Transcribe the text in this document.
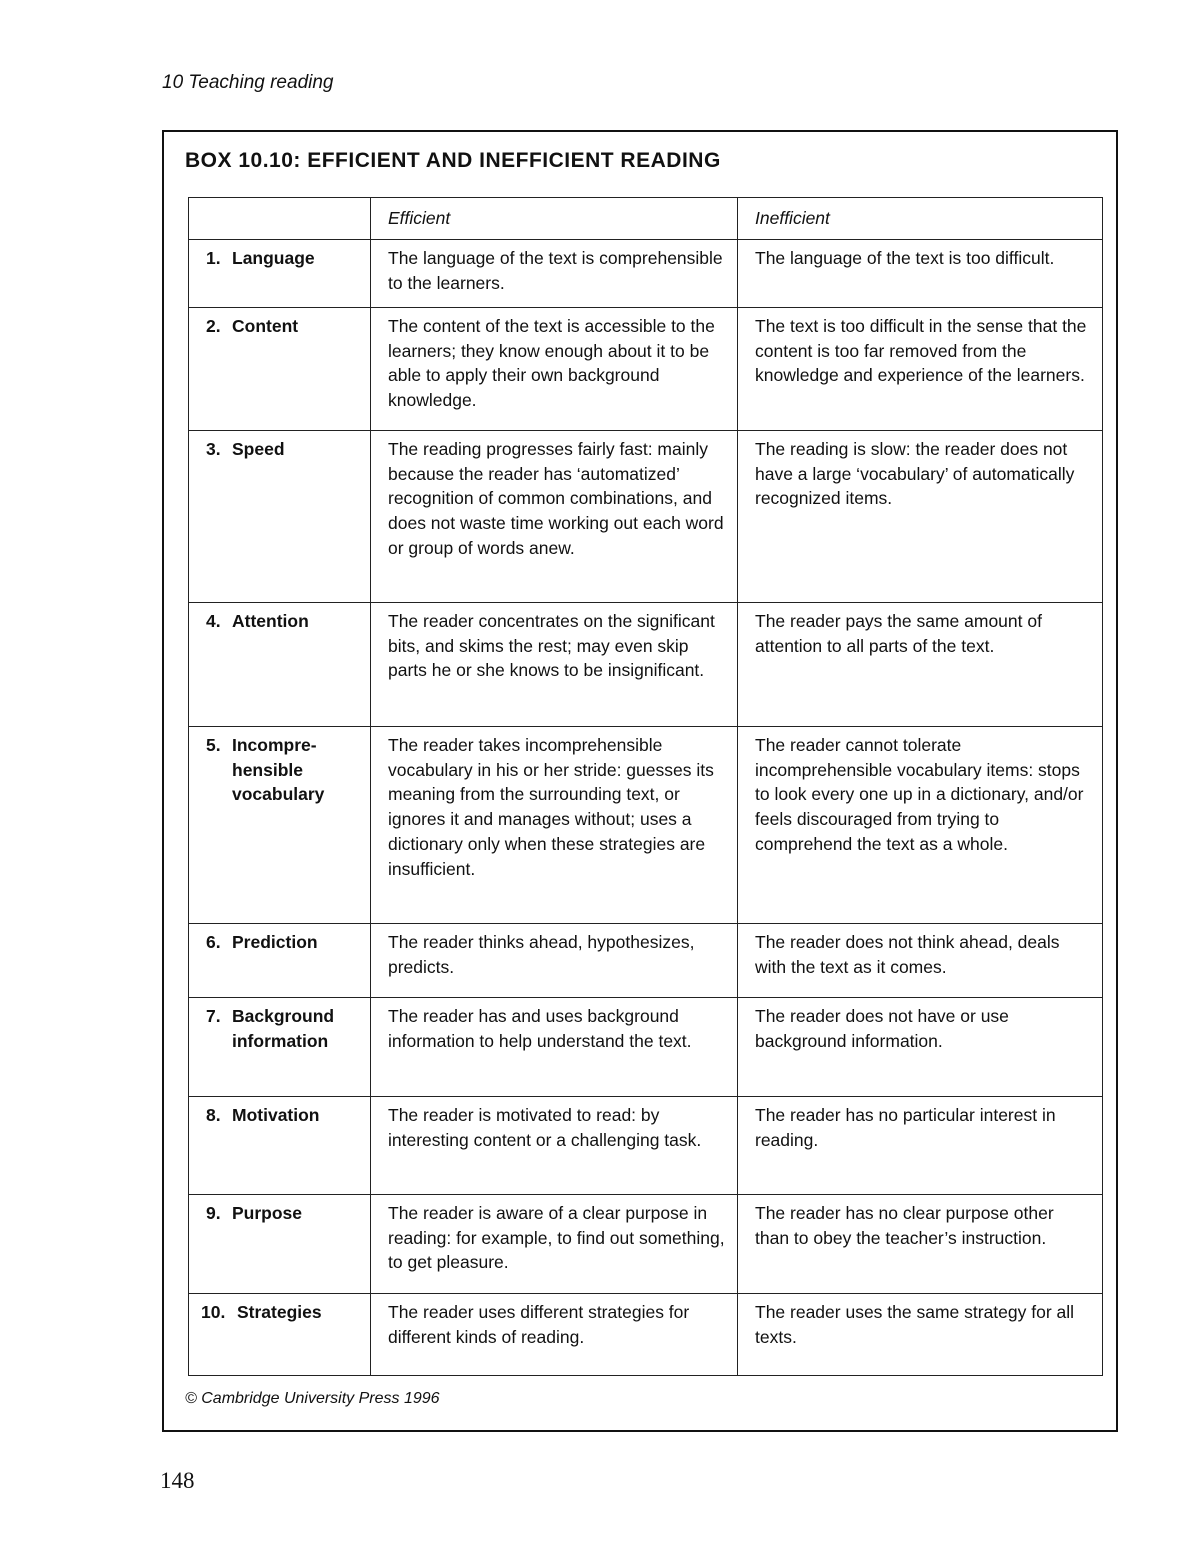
10 Teaching reading

BOX 10.10: EFFICIENT AND INEFFICIENT READING
	Efficient	Inefficient
1. Language	The language of the text is comprehensible to the learners.	The language of the text is too difficult.
2. Content	The content of the text is accessible to the learners; they know enough about it to be able to apply their own background knowledge.	The text is too difficult in the sense that the content is too far removed from the knowledge and experience of the learners.
3. Speed	The reading progresses fairly fast: mainly because the reader has ‘automatized’ recognition of common combinations, and does not waste time working out each word or group of words anew.	The reading is slow: the reader does not have a large ‘vocabulary’ of automatically recognized items.
4. Attention	The reader concentrates on the significant bits, and skims the rest; may even skip parts he or she knows to be insignificant.	The reader pays the same amount of attention to all parts of the text.
5. Incompre-hensible vocabulary	The reader takes incomprehensible vocabulary in his or her stride: guesses its meaning from the surrounding text, or ignores it and manages without; uses a dictionary only when these strategies are insufficient.	The reader cannot tolerate incomprehensible vocabulary items: stops to look every one up in a dictionary, and/or feels discouraged from trying to comprehend the text as a whole.
6. Prediction	The reader thinks ahead, hypothesizes, predicts.	The reader does not think ahead, deals with the text as it comes.
7. Background information	The reader has and uses background information to help understand the text.	The reader does not have or use background information.
8. Motivation	The reader is motivated to read: by interesting content or a challenging task.	The reader has no particular interest in reading.
9. Purpose	The reader is aware of a clear purpose in reading: for example, to find out something, to get pleasure.	The reader has no clear purpose other than to obey the teacher’s instruction.
10. Strategies	The reader uses different strategies for different kinds of reading.	The reader uses the same strategy for all texts.

© Cambridge University Press 1996

148
